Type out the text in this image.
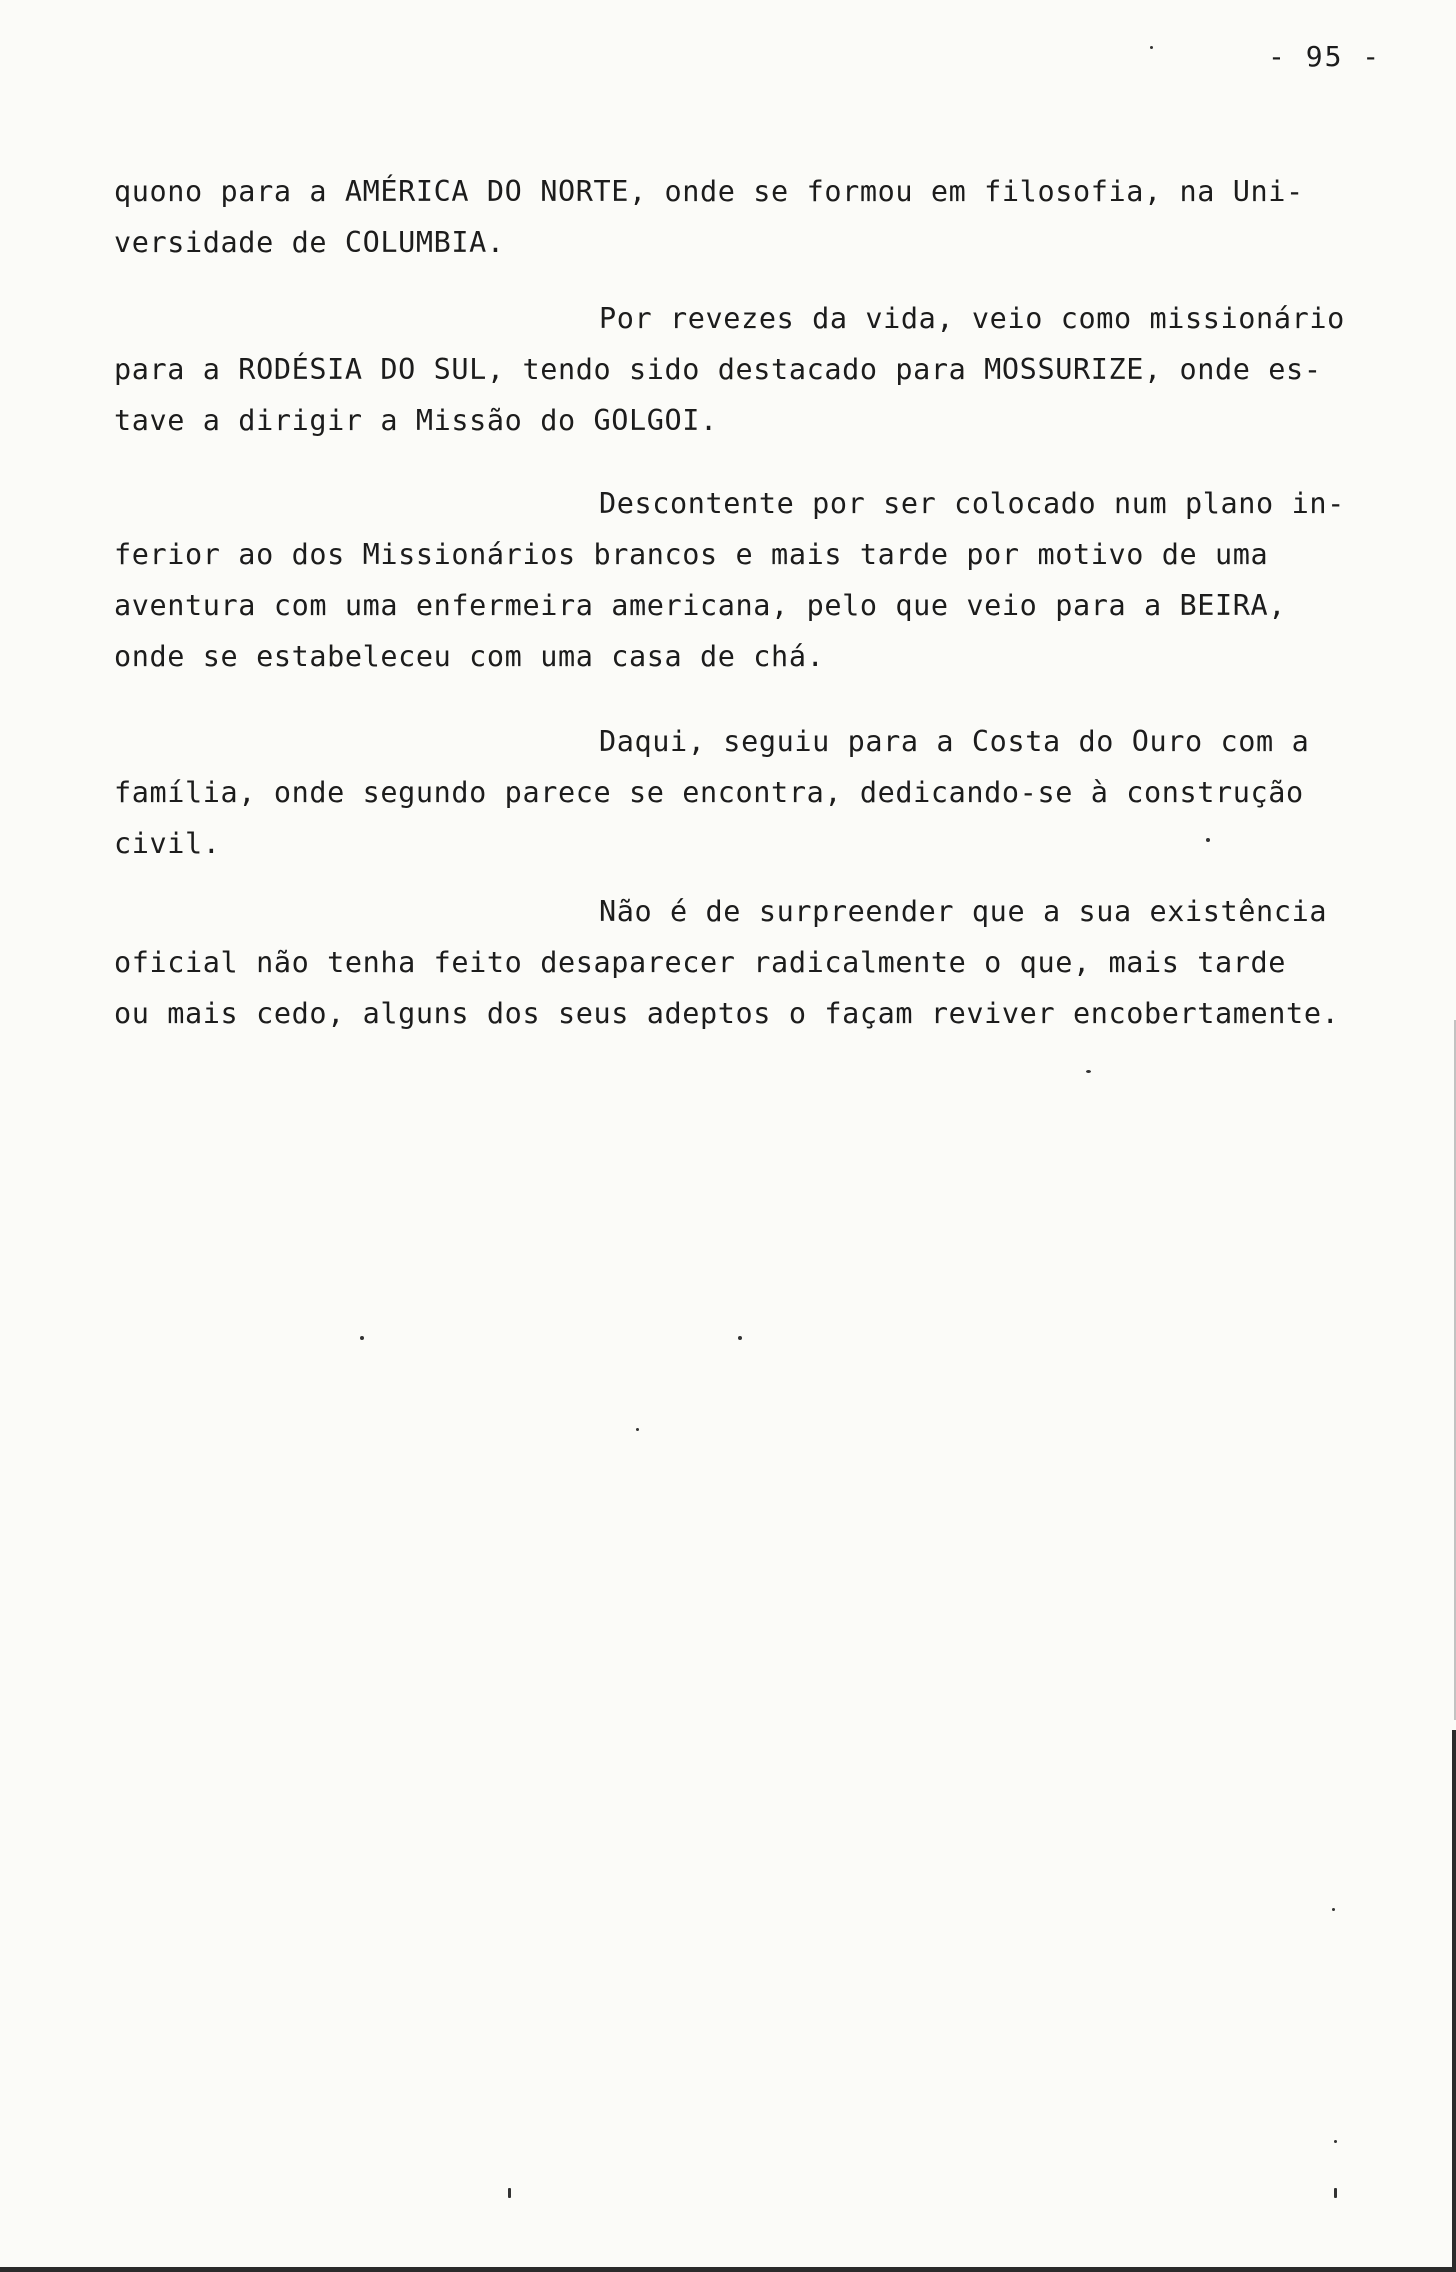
- 95 -
quono para a AMÉRICA DO NORTE, onde se formou em filosofia, na Uni-
versidade de COLUMBIA.
Por revezes da vida, veio como missionário
para a RODÉSIA DO SUL, tendo sido destacado para MOSSURIZE, onde es-
tave a dirigir a Missão do GOLGOI.
Descontente por ser colocado num plano in-
ferior ao dos Missionários brancos e mais tarde por motivo de uma
aventura com uma enfermeira americana, pelo que veio para a BEIRA,
onde se estabeleceu com uma casa de chá.
Daqui, seguiu para a Costa do Ouro com a
família, onde segundo parece se encontra, dedicando-se à construção
civil.
Não é de surpreender que a sua existência
oficial não tenha feito desaparecer radicalmente o que, mais tarde
ou mais cedo, alguns dos seus adeptos o façam reviver encobertamente.
